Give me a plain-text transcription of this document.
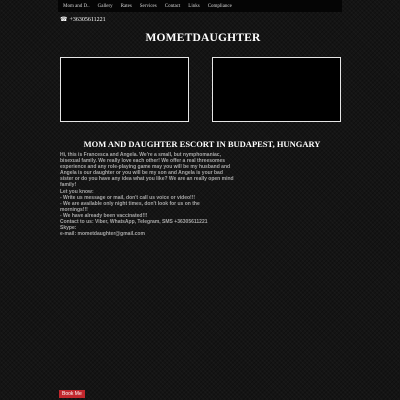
Mom and D..	Gallery	Rates	Services	Contact	Links	Compliance
☎ +36305611221
MOMETDAUGHTER
MOM AND DAUGHTER ESCORT IN BUDAPEST, HUNGARY
Hi, this is Francesca and Angela. We're a small, but nymphomaniac,
bisexual family. We really love each other! We offer a real threesomes
experience and any role-playing game may you will be my husband and
Angela is our daughter or you will be my son and Angela is your bad
sister or do you have any idea what you like? We are an really open mind
family!
Let you know:
- Write us message or mail, don't call us voice or video!!!
- We are available only night times, don't look for us on the
mornings!!!
- We have already been vaccinated!!!
Contact to us: Viber, WhatsApp, Telegram, SMS +36305611221
Skype:
e-mail: mometdaughter@gmail.com
Book Me
